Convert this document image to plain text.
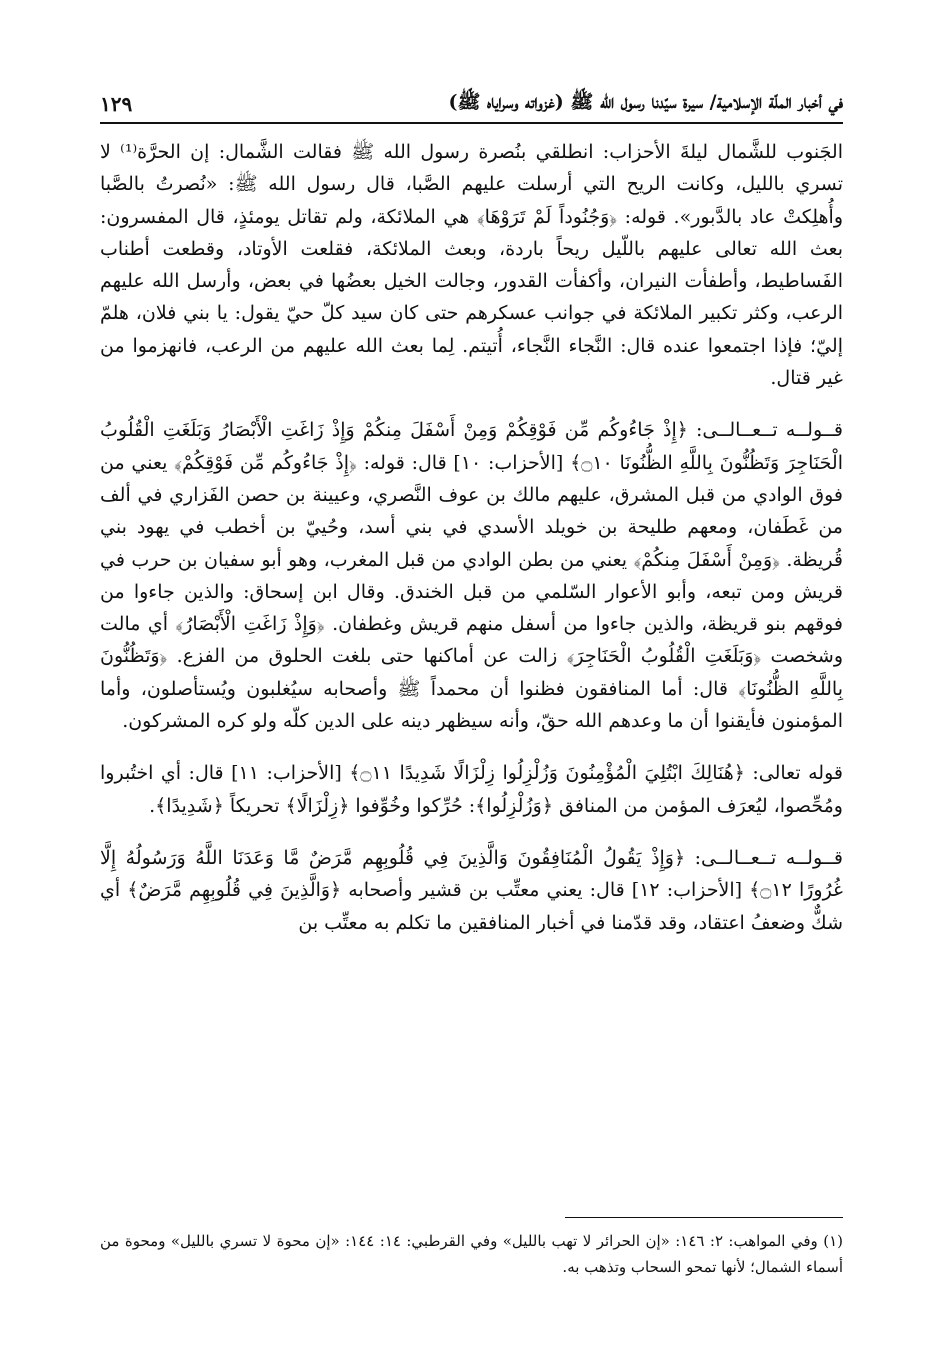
في أخبار الملّة الإسلامية/ سيرة سيّدنا رسول الله ﷺ (غزواته وسراياه ﷺ)
١٢٩

الجَنوب للشَّمال ليلةَ الأحزاب: انطلقي بنُصرة رسول الله ﷺ فقالت الشَّمال: إن الحرَّة⁽¹⁾ لا تسري بالليل، وكانت الريح التي أرسلت عليهم الصَّبا، قال رسول الله ﷺ: «نُصرتُ بالصَّبا وأُهلِكتْ عاد بالدَّبور». قوله: ﴿وَجُنُوداً لَمْ تَرَوْهَا﴾ هي الملائكة، ولم تقاتل يومئذٍ، قال المفسرون: بعث الله تعالى عليهم باللّيل ريحاً باردة، وبعث الملائكة، فقلعت الأوتاد، وقطعت أطناب الفَساطيط، وأطفأت النيران، وأكفأت القدور، وجالت الخيل بعضُها في بعض، وأرسل الله عليهم الرعب، وكثر تكبير الملائكة في جوانب عسكرهم حتى كان سيد كلّ حيّ يقول: يا بني فلان، هلمّ إليّ؛ فإذا اجتمعوا عنده قال: النَّجاء النَّجاء، أُتيتم. لِما بعث الله عليهم من الرعب، فانهزموا من غير قتال.

قــولــه تــعــالــى: ﴿إِذْ جَاءُوكُم مِّن فَوْقِكُمْ وَمِنْ أَسْفَلَ مِنكُمْ وَإِذْ زَاغَتِ الْأَبْصَارُ وَبَلَغَتِ الْقُلُوبُ الْحَنَاجِرَ وَتَظُنُّونَ بِاللَّهِ الظُّنُونَا ۝١٠﴾ [الأحزاب: ١٠] قال: قوله: ﴿إِذْ جَاءُوكُم مِّن فَوْقِكُمْ﴾ يعني من فوق الوادي من قبل المشرق، عليهم مالك بن عوف النَّصري، وعيينة بن حصن الفَزاري في ألف من غَطَفان، ومعهم طليحة بن خويلد الأسدي في بني أسد، وحُييّ بن أخطب في يهود بني قُريظة. ﴿وَمِنْ أَسْفَلَ مِنكُمْ﴾ يعني من بطن الوادي من قبل المغرب، وهو أبو سفيان بن حرب في قريش ومن تبعه، وأبو الأعوار السّلمي من قبل الخندق. وقال ابن إسحاق: والذين جاءوا من فوقهم بنو قريظة، والذين جاءوا من أسفل منهم قريش وغطفان. ﴿وَإِذْ زَاغَتِ الْأَبْصَارُ﴾ أي مالت وشخصت ﴿وَبَلَغَتِ الْقُلُوبُ الْحَنَاجِرَ﴾ زالت عن أماكنها حتى بلغت الحلوق من الفزع. ﴿وَتَظُنُّونَ بِاللَّهِ الظُّنُونَا﴾ قال: أما المنافقون فظنوا أن محمداً ﷺ وأصحابه سيُغلبون ويُستأصلون، وأما المؤمنون فأيقنوا أن ما وعدهم الله حقّ، وأنه سيظهر دينه على الدين كلّه ولو كره المشركون.

قوله تعالى: ﴿هُنَالِكَ ابْتُلِيَ الْمُؤْمِنُونَ وَزُلْزِلُوا زِلْزَالًا شَدِيدًا ۝١١﴾ [الأحزاب: ١١] قال: أي اختُبروا ومُحِّصوا، ليُعرَف المؤمن من المنافق ﴿وَزُلْزِلُوا﴾: حُرِّكوا وخُوِّفوا ﴿زِلْزَالًا﴾ تحريكاً ﴿شَدِيدًا﴾.

قــولــه تــعــالــى: ﴿وَإِذْ يَقُولُ الْمُنَافِقُونَ وَالَّذِينَ فِي قُلُوبِهِم مَّرَضٌ مَّا وَعَدَنَا اللَّهُ وَرَسُولُهُ إِلَّا غُرُورًا ۝١٢﴾ [الأحزاب: ١٢] قال: يعني معتِّب بن قشير وأصحابه ﴿وَالَّذِينَ فِي قُلُوبِهِم مَّرَضٌ﴾ أي شكٌّ وضعفُ اعتقاد، وقد قدّمنا في أخبار المنافقين ما تكلم به معتِّب بن

(١) وفي المواهب: ٢: ١٤٦: «إن الحرائر لا تهب بالليل» وفي القرطبي: ١٤: ١٤٤: «إن محوة لا تسري بالليل» ومحوة من أسماء الشمال؛ لأنها تمحو السحاب وتذهب به.
